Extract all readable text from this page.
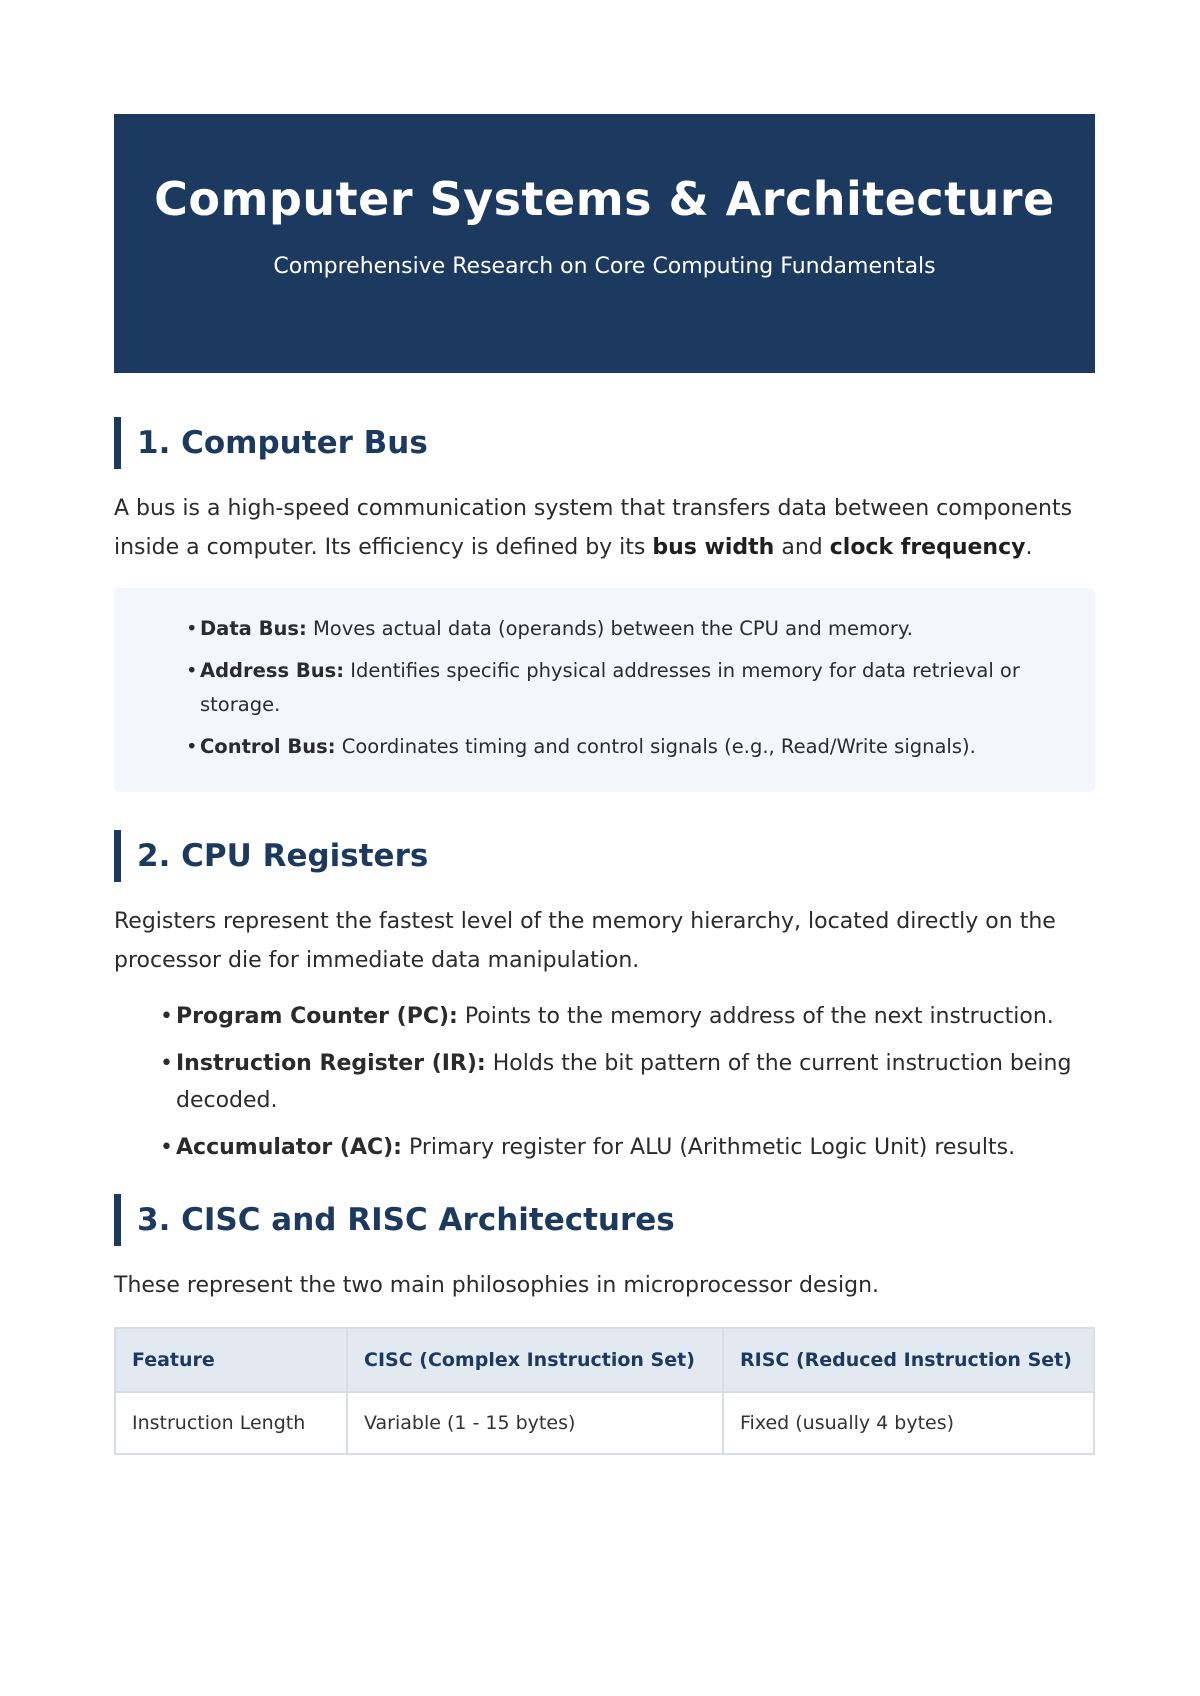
Computer Systems & Architecture
Comprehensive Research on Core Computing Fundamentals
1. Computer Bus

A bus is a high-speed communication system that transfers data between components inside a computer. Its efficiency is defined by its bus width and clock frequency.

• Data Bus: Moves actual data (operands) between the CPU and memory.
• Address Bus: Identifies specific physical addresses in memory for data retrieval or storage.
• Control Bus: Coordinates timing and control signals (e.g., Read/Write signals).
2. CPU Registers

Registers represent the fastest level of the memory hierarchy, located directly on the processor die for immediate data manipulation.

• Program Counter (PC): Points to the memory address of the next instruction.
• Instruction Register (IR): Holds the bit pattern of the current instruction being decoded.
• Accumulator (AC): Primary register for ALU (Arithmetic Logic Unit) results.
3. CISC and RISC Architectures

These represent the two main philosophies in microprocessor design.

Feature	CISC (Complex Instruction Set)	RISC (Reduced Instruction Set)
Instruction Length	Variable (1 - 15 bytes)	Fixed (usually 4 bytes)
